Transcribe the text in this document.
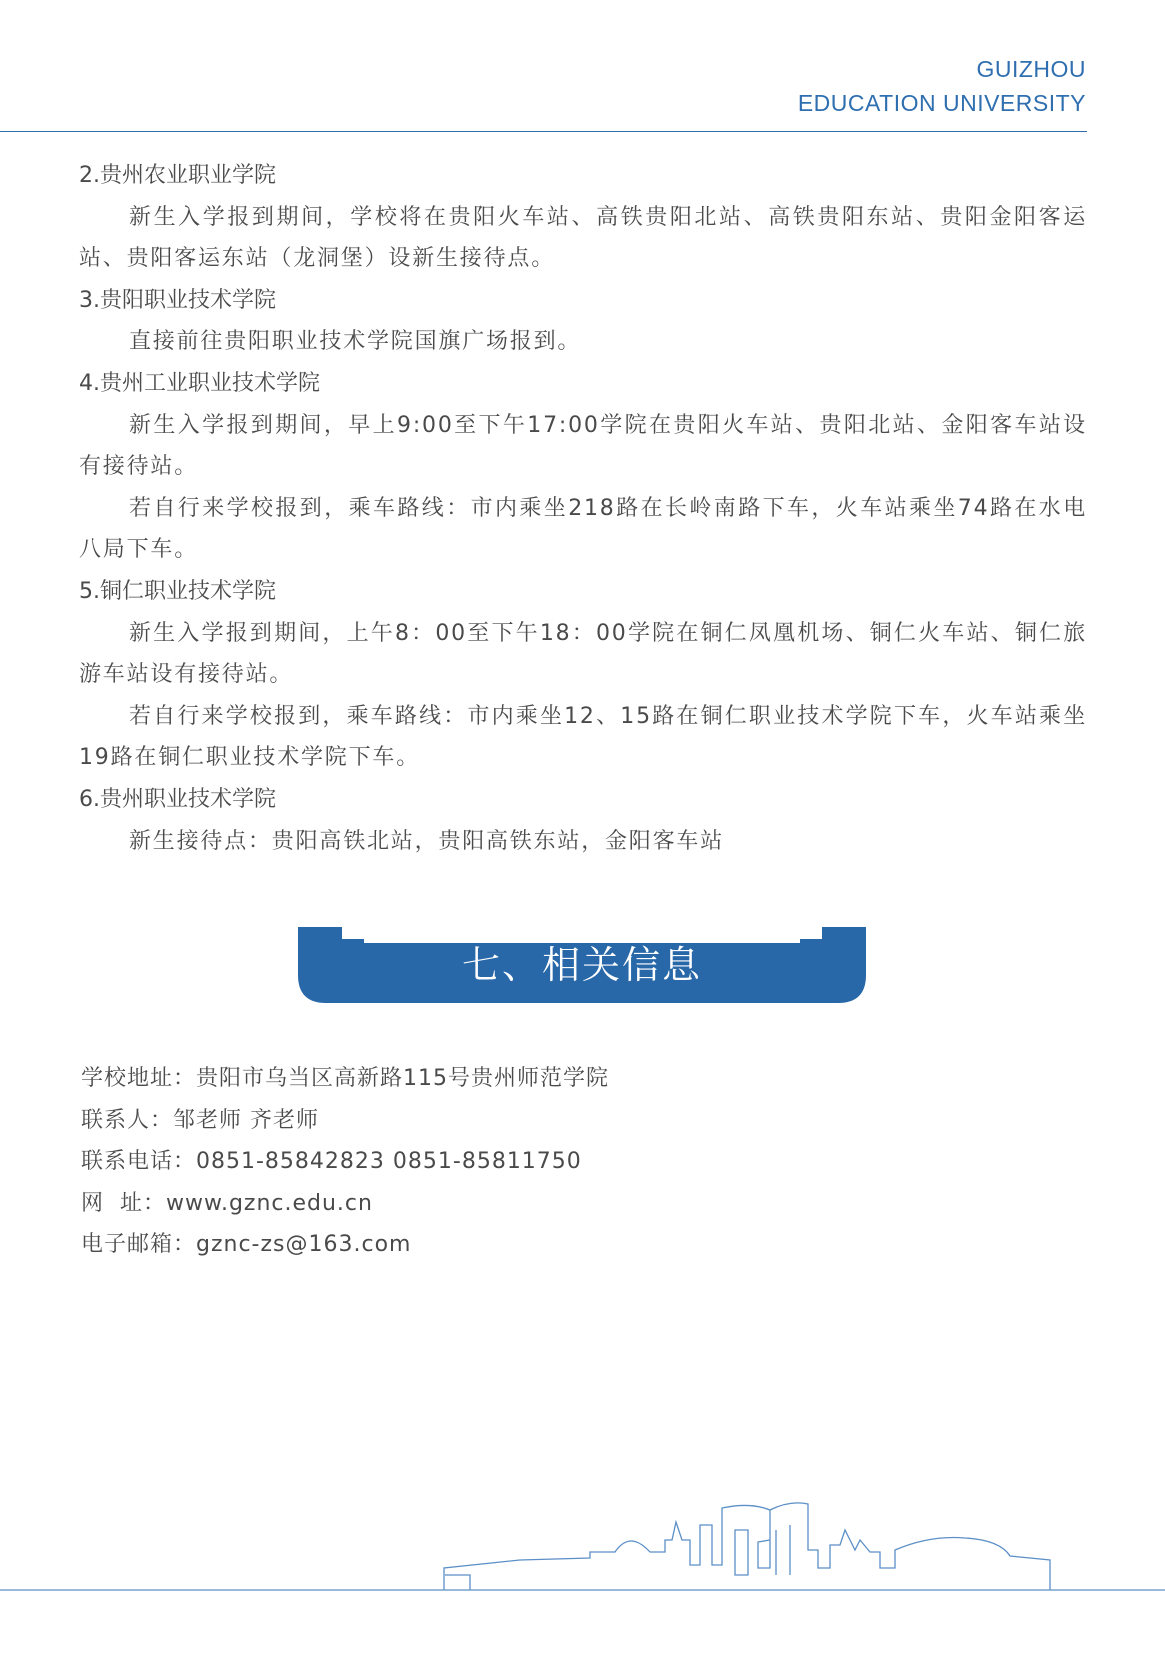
GUIZHOU
EDUCATION UNIVERSITY
2.贵州农业职业学院
新生入学报到期间，学校将在贵阳火车站、高铁贵阳北站、高铁贵阳东站、贵阳金阳客运站、贵阳客运东站（龙洞堡）设新生接待点。
3.贵阳职业技术学院
直接前往贵阳职业技术学院国旗广场报到。
4.贵州工业职业技术学院
新生入学报到期间，早上9:00至下午17:00学院在贵阳火车站、贵阳北站、金阳客车站设有接待站。
若自行来学校报到，乘车路线：市内乘坐218路在长岭南路下车，火车站乘坐74路在水电八局下车。
5.铜仁职业技术学院
新生入学报到期间，上午8：00至下午18：00学院在铜仁凤凰机场、铜仁火车站、铜仁旅游车站设有接待站。
若自行来学校报到，乘车路线：市内乘坐12、15路在铜仁职业技术学院下车，火车站乘坐19路在铜仁职业技术学院下车。
6.贵州职业技术学院
新生接待点：贵阳高铁北站，贵阳高铁东站，金阳客车站
七、相关信息
学校地址：贵阳市乌当区高新路115号贵州师范学院
联系人：邹老师 齐老师
联系电话：0851-85842823 0851-85811750
网  址：www.gznc.edu.cn
电子邮箱：gznc-zs@163.com
